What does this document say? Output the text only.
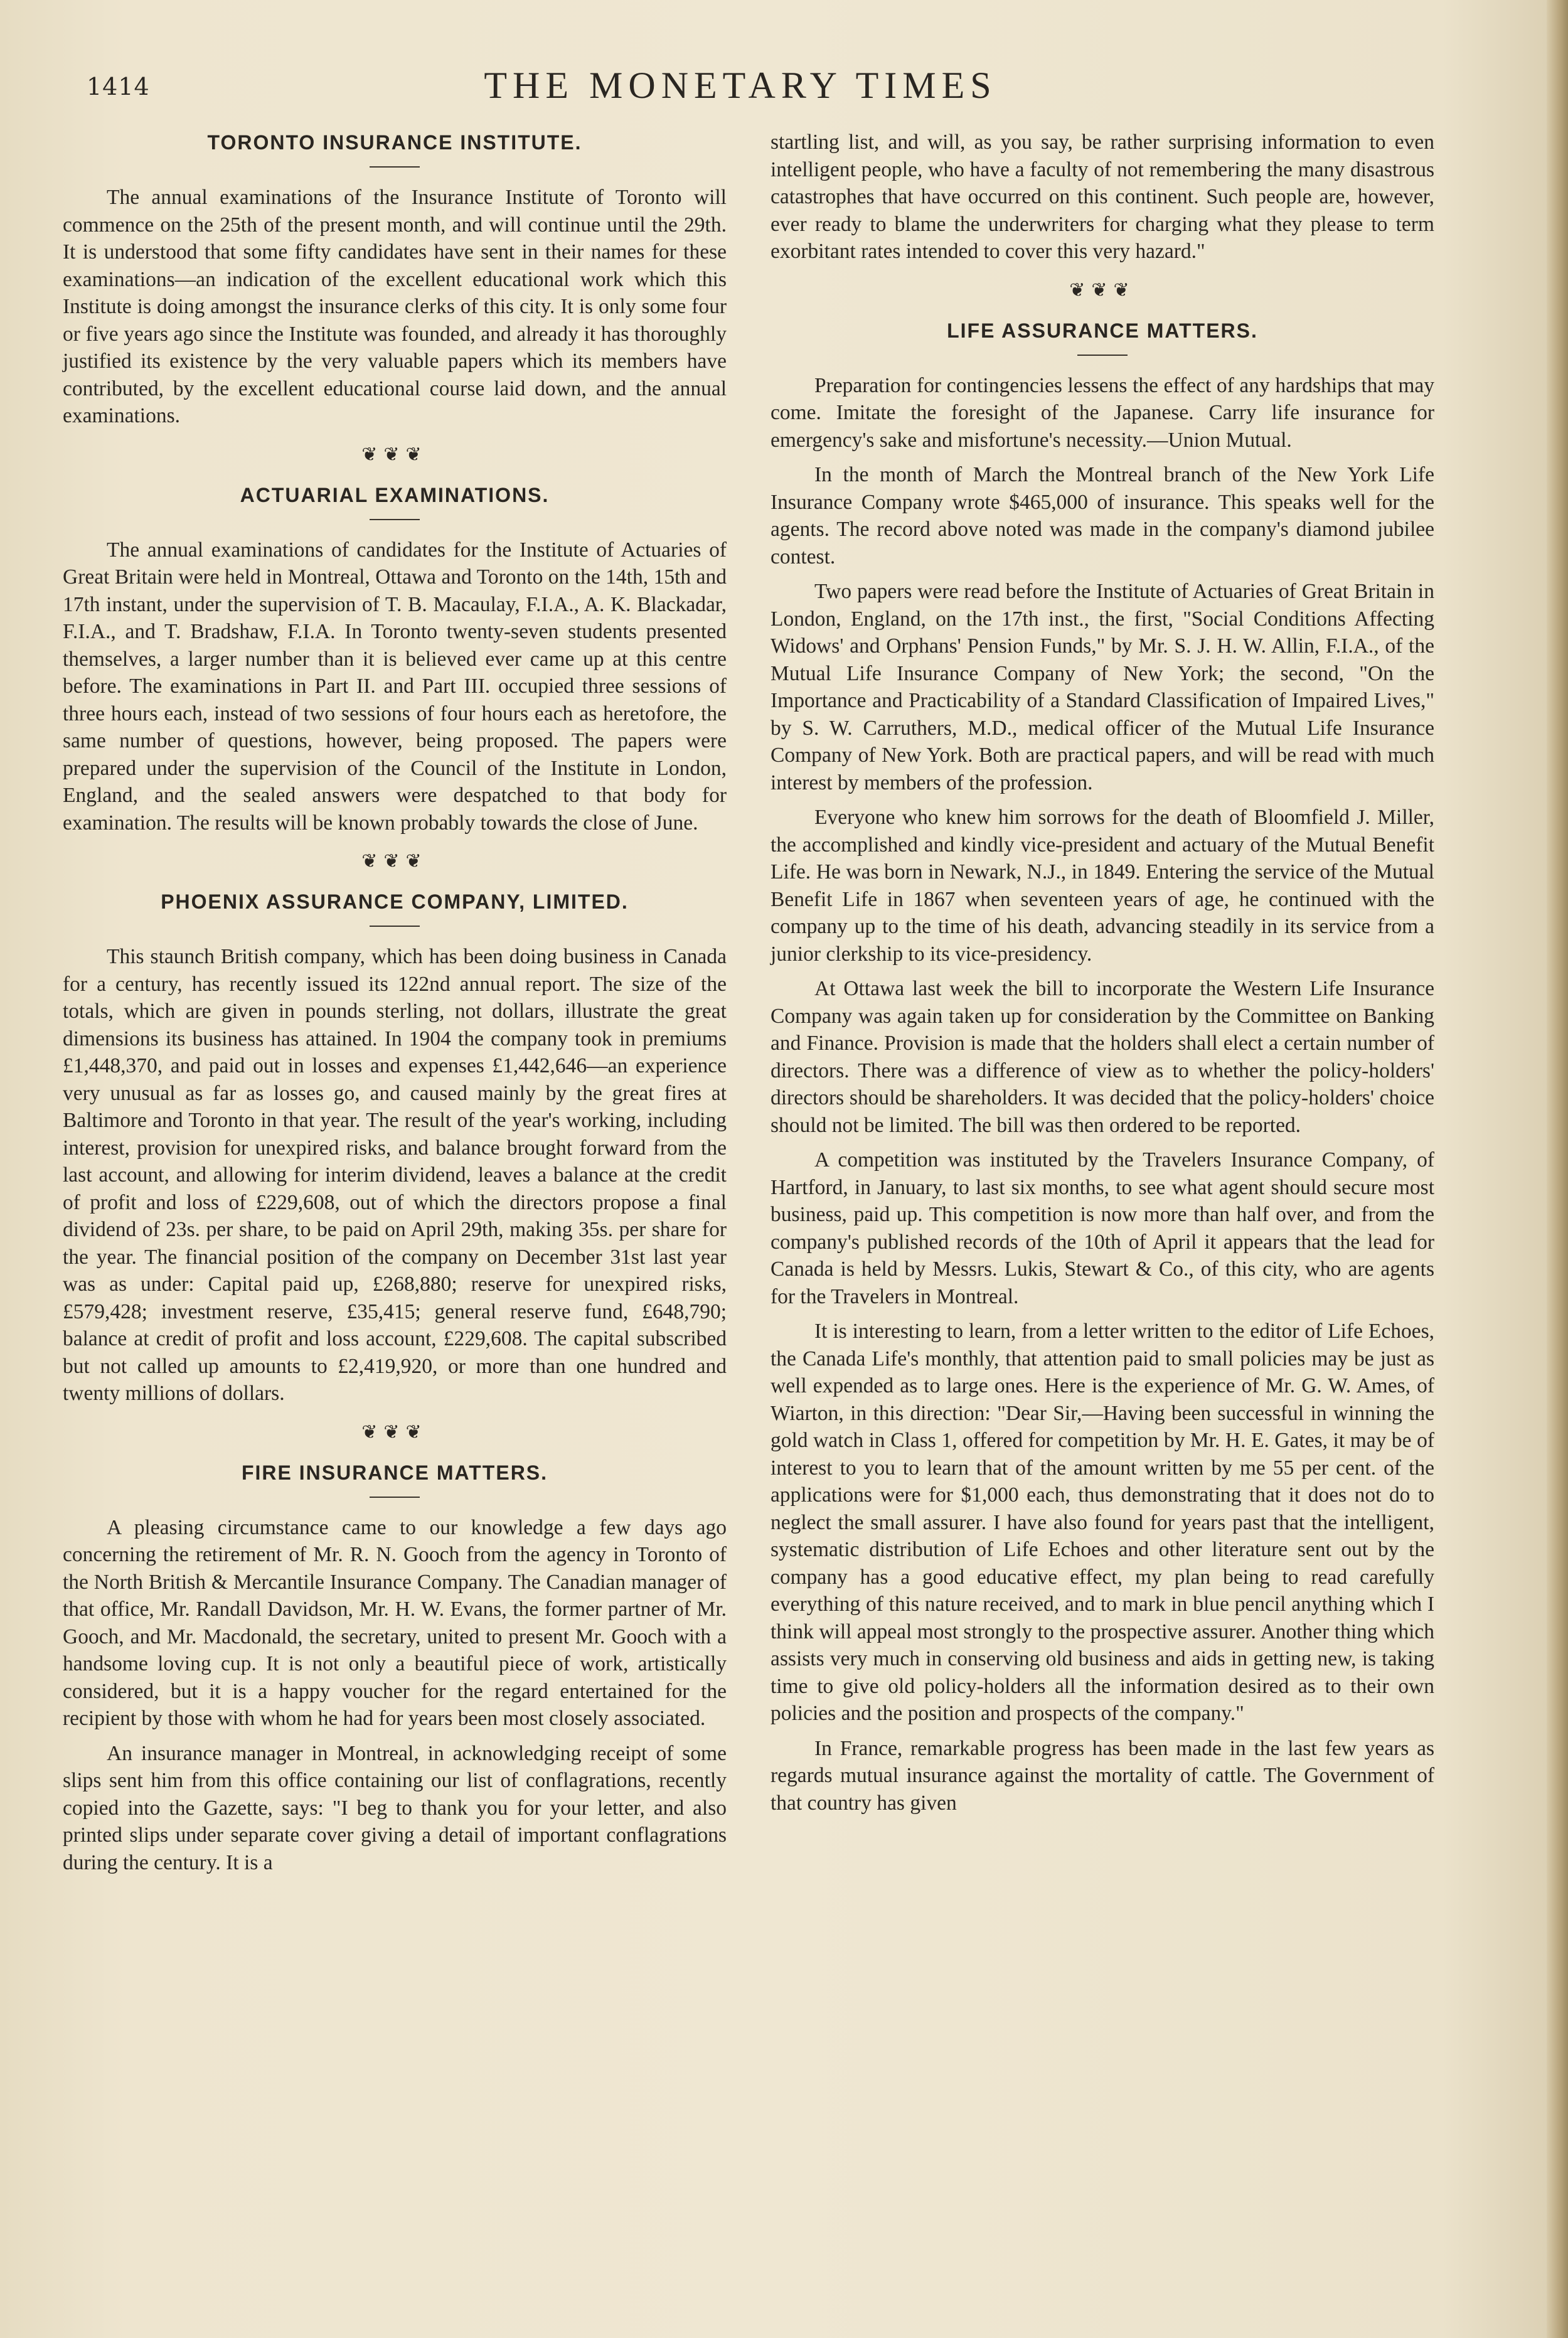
1414	THE MONETARY TIMES
TORONTO INSURANCE INSTITUTE.

The annual examinations of the Insurance Institute of Toronto will commence on the 25th of the present month, and will continue until the 29th. It is understood that some fifty candidates have sent in their names for these examinations—an indication of the excellent educational work which this Institute is doing amongst the insurance clerks of this city. It is only some four or five years ago since the Institute was founded, and already it has thoroughly justified its existence by the very valuable papers which its members have contributed, by the excellent educational course laid down, and the annual examinations.

❦❦❦
ACTUARIAL EXAMINATIONS.

The annual examinations of candidates for the Institute of Actuaries of Great Britain were held in Montreal, Ottawa and Toronto on the 14th, 15th and 17th instant, under the supervision of T. B. Macaulay, F.I.A., A. K. Blackadar, F.I.A., and T. Bradshaw, F.I.A. In Toronto twenty-seven students presented themselves, a larger number than it is believed ever came up at this centre before. The examinations in Part II. and Part III. occupied three sessions of three hours each, instead of two sessions of four hours each as heretofore, the same number of questions, however, being proposed. The papers were prepared under the supervision of the Council of the Institute in London, England, and the sealed answers were despatched to that body for examination. The results will be known probably towards the close of June.

❦❦❦
PHOENIX ASSURANCE COMPANY, LIMITED.

This staunch British company, which has been doing business in Canada for a century, has recently issued its 122nd annual report. The size of the totals, which are given in pounds sterling, not dollars, illustrate the great dimensions its business has attained. In 1904 the company took in premiums £1,448,370, and paid out in losses and expenses £1,442,646—an experience very unusual as far as losses go, and caused mainly by the great fires at Baltimore and Toronto in that year. The result of the year's working, including interest, provision for unexpired risks, and balance brought forward from the last account, and allowing for interim dividend, leaves a balance at the credit of profit and loss of £229,608, out of which the directors propose a final dividend of 23s. per share, to be paid on April 29th, making 35s. per share for the year. The financial position of the company on December 31st last year was as under: Capital paid up, £268,880; reserve for unexpired risks, £579,428; investment reserve, £35,415; general reserve fund, £648,790; balance at credit of profit and loss account, £229,608. The capital subscribed but not called up amounts to £2,419,920, or more than one hundred and twenty millions of dollars.

❦❦❦
FIRE INSURANCE MATTERS.

A pleasing circumstance came to our knowledge a few days ago concerning the retirement of Mr. R. N. Gooch from the agency in Toronto of the North British & Mercantile Insurance Company. The Canadian manager of that office, Mr. Randall Davidson, Mr. H. W. Evans, the former partner of Mr. Gooch, and Mr. Macdonald, the secretary, united to present Mr. Gooch with a handsome loving cup. It is not only a beautiful piece of work, artistically considered, but it is a happy voucher for the regard entertained for the recipient by those with whom he had for years been most closely associated.

An insurance manager in Montreal, in acknowledging receipt of some slips sent him from this office containing our list of conflagrations, recently copied into the Gazette, says: "I beg to thank you for your letter, and also printed slips under separate cover giving a detail of important conflagrations during the century. It is a

startling list, and will, as you say, be rather surprising information to even intelligent people, who have a faculty of not remembering the many disastrous catastrophes that have occurred on this continent. Such people are, however, ever ready to blame the underwriters for charging what they please to term exorbitant rates intended to cover this very hazard."

❦❦❦
LIFE ASSURANCE MATTERS.

Preparation for contingencies lessens the effect of any hardships that may come. Imitate the foresight of the Japanese. Carry life insurance for emergency's sake and misfortune's necessity.—Union Mutual.

In the month of March the Montreal branch of the New York Life Insurance Company wrote $465,000 of insurance. This speaks well for the agents. The record above noted was made in the company's diamond jubilee contest.

Two papers were read before the Institute of Actuaries of Great Britain in London, England, on the 17th inst., the first, "Social Conditions Affecting Widows' and Orphans' Pension Funds," by Mr. S. J. H. W. Allin, F.I.A., of the Mutual Life Insurance Company of New York; the second, "On the Importance and Practicability of a Standard Classification of Impaired Lives," by S. W. Carruthers, M.D., medical officer of the Mutual Life Insurance Company of New York. Both are practical papers, and will be read with much interest by members of the profession.

Everyone who knew him sorrows for the death of Bloomfield J. Miller, the accomplished and kindly vice-president and actuary of the Mutual Benefit Life. He was born in Newark, N.J., in 1849. Entering the service of the Mutual Benefit Life in 1867 when seventeen years of age, he continued with the company up to the time of his death, advancing steadily in its service from a junior clerkship to its vice-presidency.

At Ottawa last week the bill to incorporate the Western Life Insurance Company was again taken up for consideration by the Committee on Banking and Finance. Provision is made that the holders shall elect a certain number of directors. There was a difference of view as to whether the policy-holders' directors should be shareholders. It was decided that the policy-holders' choice should not be limited. The bill was then ordered to be reported.

A competition was instituted by the Travelers Insurance Company, of Hartford, in January, to last six months, to see what agent should secure most business, paid up. This competition is now more than half over, and from the company's published records of the 10th of April it appears that the lead for Canada is held by Messrs. Lukis, Stewart & Co., of this city, who are agents for the Travelers in Montreal.

It is interesting to learn, from a letter written to the editor of Life Echoes, the Canada Life's monthly, that attention paid to small policies may be just as well expended as to large ones. Here is the experience of Mr. G. W. Ames, of Wiarton, in this direction: "Dear Sir,—Having been successful in winning the gold watch in Class 1, offered for competition by Mr. H. E. Gates, it may be of interest to you to learn that of the amount written by me 55 per cent. of the applications were for $1,000 each, thus demonstrating that it does not do to neglect the small assurer. I have also found for years past that the intelligent, systematic distribution of Life Echoes and other literature sent out by the company has a good educative effect, my plan being to read carefully everything of this nature received, and to mark in blue pencil anything which I think will appeal most strongly to the prospective assurer. Another thing which assists very much in conserving old business and aids in getting new, is taking time to give old policy-holders all the information desired as to their own policies and the position and prospects of the company."

In France, remarkable progress has been made in the last few years as regards mutual insurance against the mortality of cattle. The Government of that country has given
